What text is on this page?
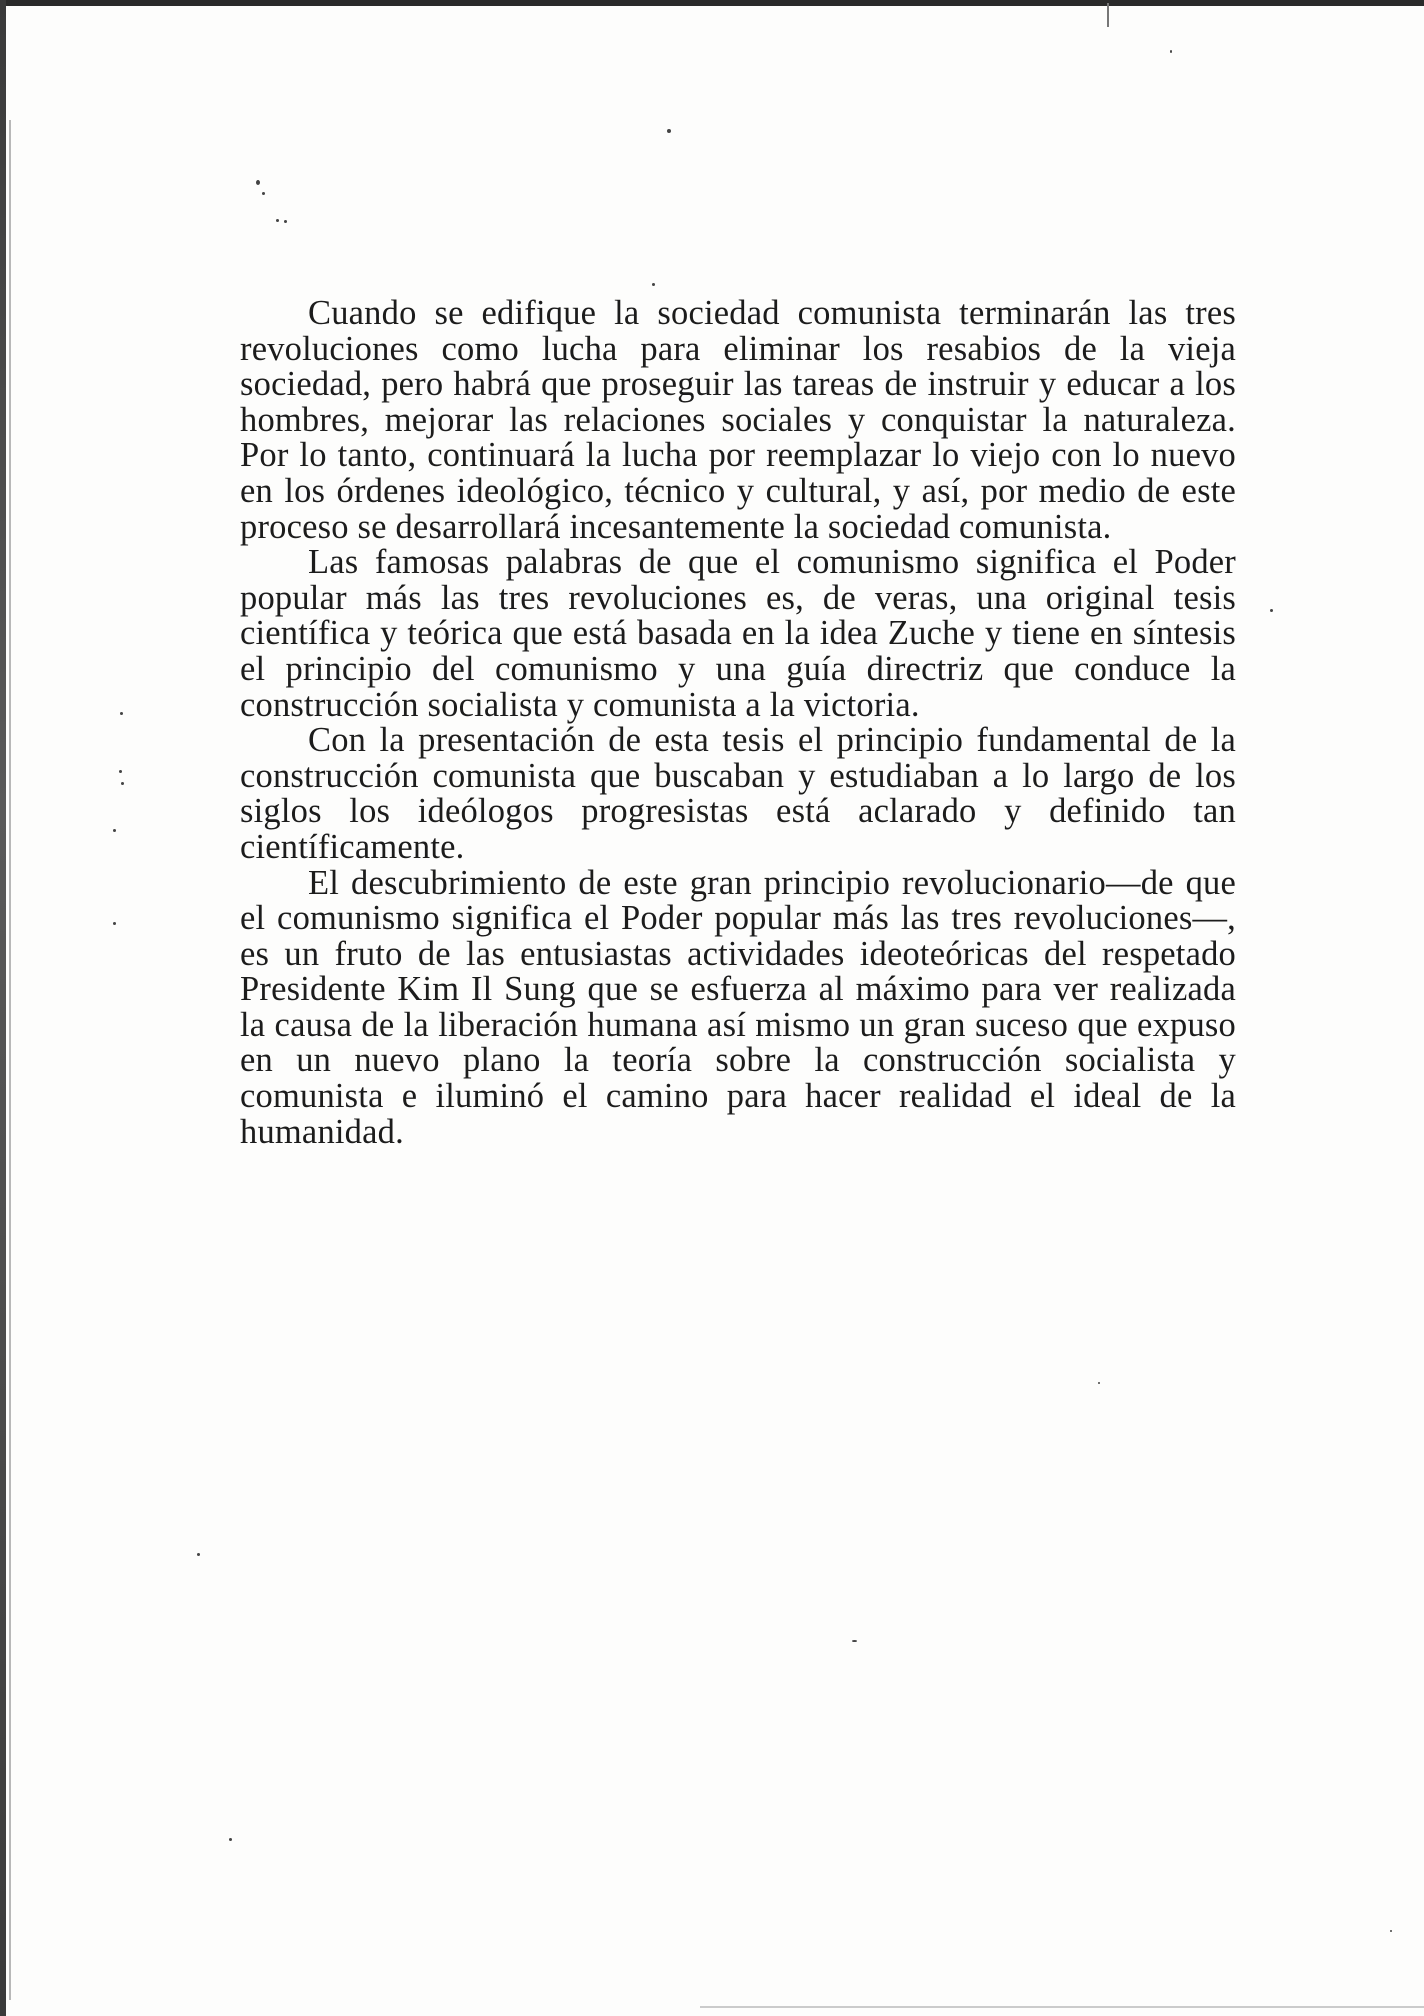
Cuando se edifique la sociedad comunista terminarán las tres revoluciones como lucha para eliminar los resabios de la vieja sociedad, pero habrá que proseguir las tareas de instruir y educar a los hombres, mejorar las relaciones sociales y conquistar la naturaleza. Por lo tanto, continuará la lucha por reemplazar lo viejo con lo nuevo en los órdenes ideológico, técnico y cultural, y así, por medio de este proceso se desarrollará incesantemente la sociedad comunista.

Las famosas palabras de que el comunismo significa el Poder popular más las tres revoluciones es, de veras, una original tesis científica y teórica que está basada en la idea Zuche y tiene en síntesis el principio del comunismo y una guía directriz que conduce la construcción socialista y comunista a la victoria.

Con la presentación de esta tesis el principio fundamental de la construcción comunista que buscaban y estudiaban a lo largo de los siglos los ideólogos progresistas está aclarado y definido tan científicamente.

El descubrimiento de este gran principio revolucionario—de que el comunismo significa el Poder popular más las tres revoluciones—, es un fruto de las entusiastas actividades ideoteóricas del respetado Presidente Kim Il Sung que se esfuerza al máximo para ver realizada la causa de la liberación humana así mismo un gran suceso que expuso en un nuevo plano la teoría sobre la construcción socialista y comunista e iluminó el camino para hacer realidad el ideal de la humanidad.
